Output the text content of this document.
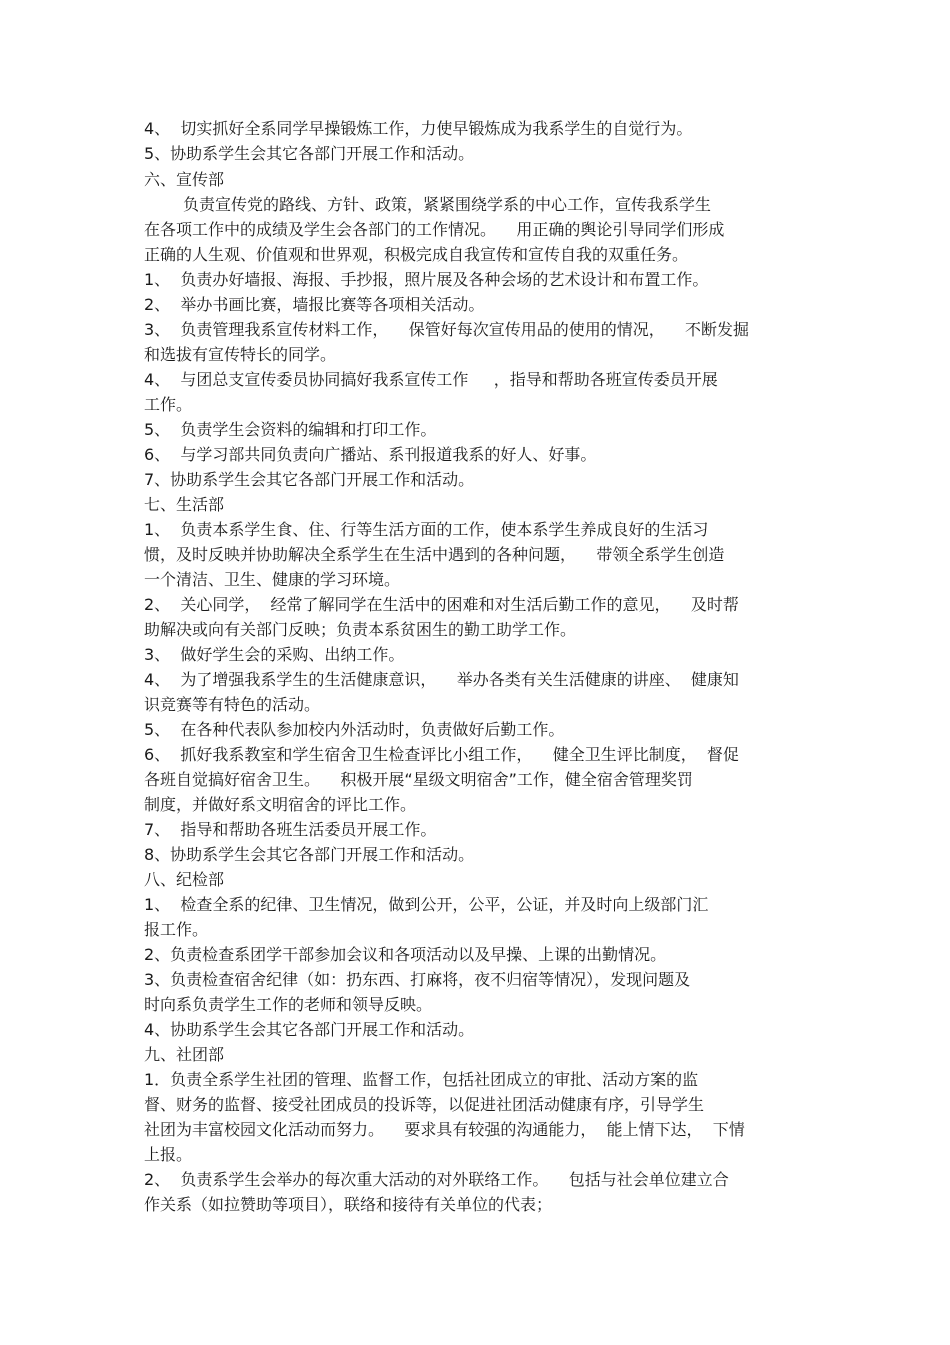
4、  切实抓好全系同学早操锻炼工作，力使早锻炼成为我系学生的自觉行为。
5、协助系学生会其它各部门开展工作和活动。
六、宣传部
负责宣传党的路线、方针、政策，紧紧围绕学系的中心工作，宣传我系学生
在各项工作中的成绩及学生会各部门的工作情况。    用正确的舆论引导同学们形成
正确的人生观、价值观和世界观，积极完成自我宣传和宣传自我的双重任务。
1、  负责办好墙报、海报、手抄报，照片展及各种会场的艺术设计和布置工作。
2、  举办书画比赛，墙报比赛等各项相关活动。
3、  负责管理我系宣传材料工作，    保管好每次宣传用品的使用的情况，    不断发掘
和选拔有宣传特长的同学。
4、  与团总支宣传委员协同搞好我系宣传工作     ，指导和帮助各班宣传委员开展
工作。
5、  负责学生会资料的编辑和打印工作。
6、  与学习部共同负责向广播站、系刊报道我系的好人、好事。
7、协助系学生会其它各部门开展工作和活动。
七、生活部
1、  负责本系学生食、住、行等生活方面的工作，使本系学生养成良好的生活习
惯，及时反映并协助解决全系学生在生活中遇到的各种问题，    带领全系学生创造
一个清洁、卫生、健康的学习环境。
2、  关心同学，  经常了解同学在生活中的困难和对生活后勤工作的意见，    及时帮
助解决或向有关部门反映；负责本系贫困生的勤工助学工作。
3、  做好学生会的采购、出纳工作。
4、  为了增强我系学生的生活健康意识，    举办各类有关生活健康的讲座、  健康知
识竞赛等有特色的活动。
5、  在各种代表队参加校内外活动时，负责做好后勤工作。
6、  抓好我系教室和学生宿舍卫生检查评比小组工作，    健全卫生评比制度，  督促
各班自觉搞好宿舍卫生。    积极开展“星级文明宿舍”工作，健全宿舍管理奖罚
制度，并做好系文明宿舍的评比工作。
7、  指导和帮助各班生活委员开展工作。
8、协助系学生会其它各部门开展工作和活动。
八、纪检部
1、  检查全系的纪律、卫生情况，做到公开，公平，公证，并及时向上级部门汇
报工作。
2、负责检查系团学干部参加会议和各项活动以及早操、上课的出勤情况。
3、负责检查宿舍纪律（如：扔东西、打麻将，夜不归宿等情况），发现问题及
时向系负责学生工作的老师和领导反映。
4、协助系学生会其它各部门开展工作和活动。
九、社团部
1．负责全系学生社团的管理、监督工作，包括社团成立的审批、活动方案的监
督、财务的监督、接受社团成员的投诉等，以促进社团活动健康有序，引导学生
社团为丰富校园文化活动而努力。    要求具有较强的沟通能力，  能上情下达，  下情
上报。
2、  负责系学生会举办的每次重大活动的对外联络工作。    包括与社会单位建立合
作关系（如拉赞助等项目），联络和接待有关单位的代表；
